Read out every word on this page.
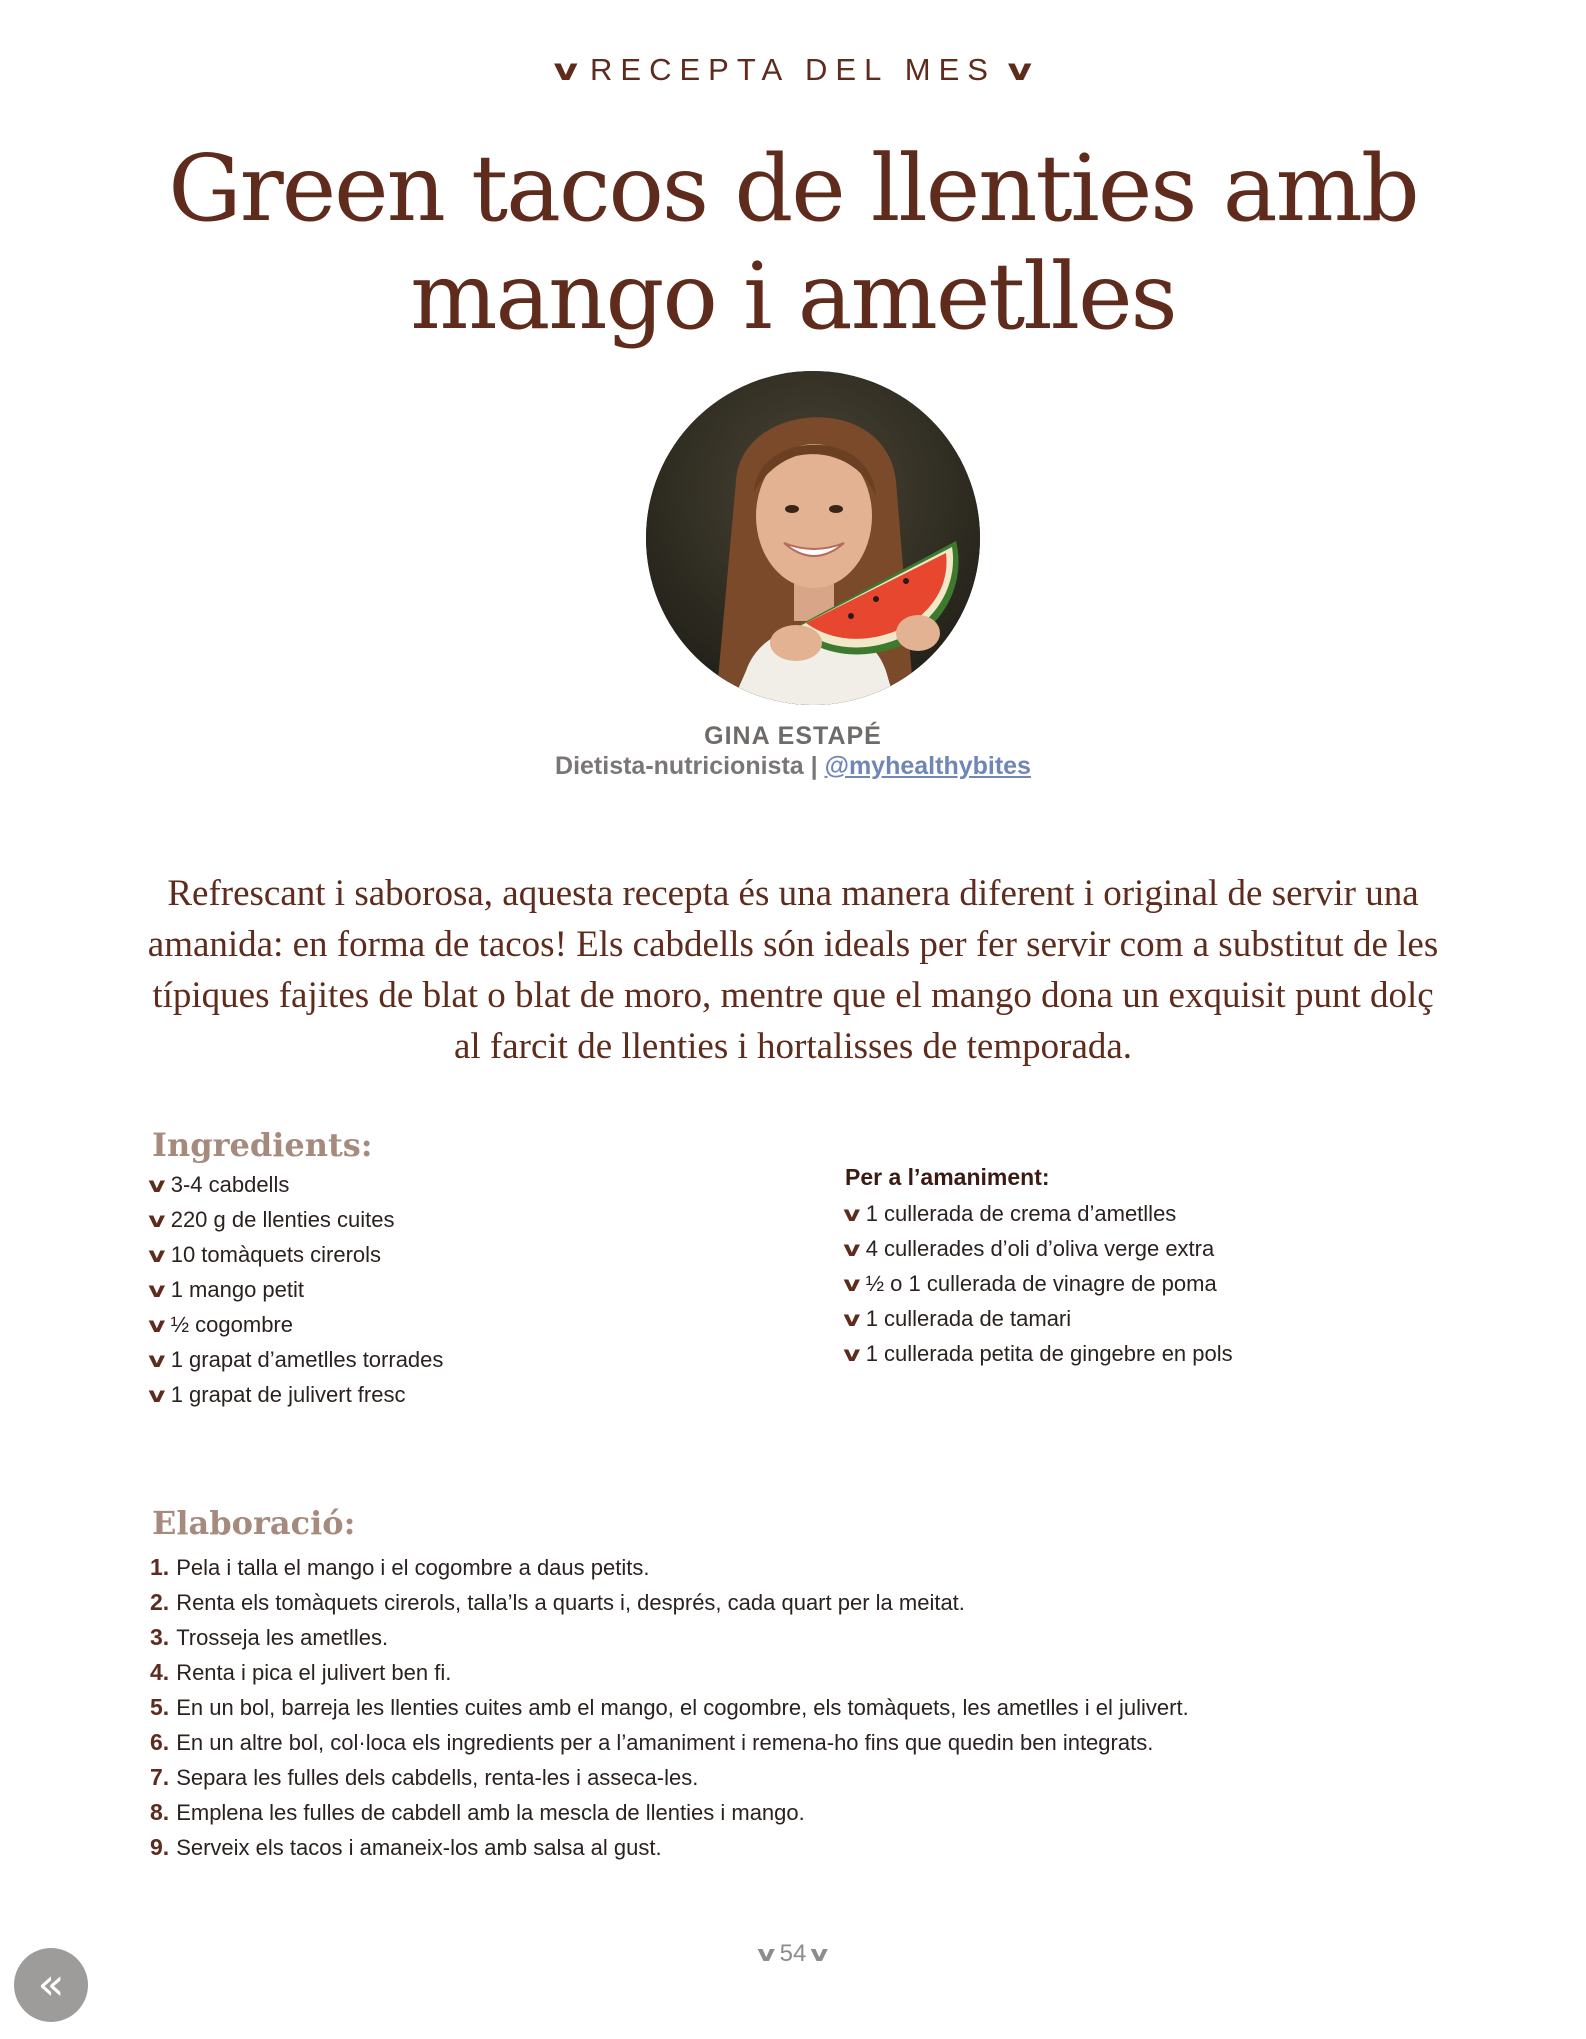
v RECEPTA DEL MES v
Green tacos de llenties amb
mango i ametlles
GINA ESTAPÉ
Dietista-nutricionista | @myhealthybites

Refrescant i saborosa, aquesta recepta és una manera diferent i original de servir una amanida: en forma de tacos! Els cabdells són ideals per fer servir com a substitut de les típiques fajites de blat o blat de moro, mentre que el mango dona un exquisit punt dolç al farcit de llenties i hortalisses de temporada.

Ingredients:
v 3-4 cabdells
v 220 g de llenties cuites
v 10 tomàquets cirerols
v 1 mango petit
v ½ cogombre
v 1 grapat d’ametlles torrades
v 1 grapat de julivert fresc
Per a l’amaniment:
v 1 cullerada de crema d’ametlles
v 4 cullerades d’oli d’oliva verge extra
v ½ o 1 cullerada de vinagre de poma
v 1 cullerada de tamari
v 1 cullerada petita de gingebre en pols
Elaboració:
1. Pela i talla el mango i el cogombre a daus petits.
2. Renta els tomàquets cirerols, talla’ls a quarts i, després, cada quart per la meitat.
3. Trosseja les ametlles.
4. Renta i pica el julivert ben fi.
5. En un bol, barreja les llenties cuites amb el mango, el cogombre, els tomàquets, les ametlles i el julivert.
6. En un altre bol, col·loca els ingredients per a l’amaniment i remena-ho fins que quedin ben integrats.
7. Separa les fulles dels cabdells, renta-les i asseca-les.
8. Emplena les fulles de cabdell amb la mescla de llenties i mango.
9. Serveix els tacos i amaneix-los amb salsa al gust.
v 54 v
«
